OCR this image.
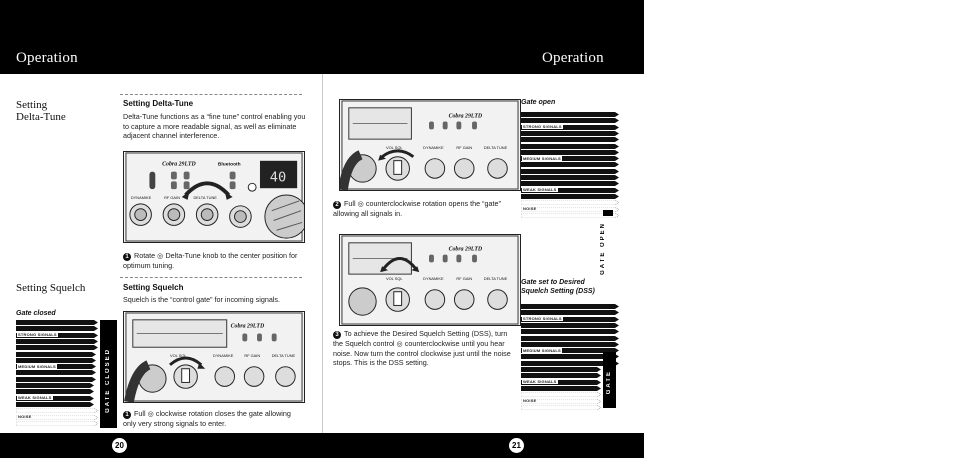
Operation	Operation
Setting
Delta-Tune
Setting Delta-Tune
Delta-Tune functions as a “fine tune” control enabling you to capture a more readable signal, as well as eliminate adjacent channel interference.
Cobra 29LTD	Bluetooth
40
DYNAMIKE	RF GAIN	DELTA TUNE
1 Rotate ◎ Delta-Tune knob to the center position for optimum tuning.
Setting Squelch	Setting Squelch
Squelch is the “control gate” for incoming signals.
Cobra 29LTD
VOL SQL	DYNAMIKE	RF GAIN	DELTA TUNE
1 Full ◎ clockwise rotation closes the gate allowing only very strong signals to enter.
Gate closed
STRONG SIGNALS
MEDIUM SIGNALS
WEAK SIGNALS
NOISE
GATE CLOSED
Cobra 29LTD
VOL SQL	DYNAMIKE	RF GAIN	DELTA TUNE
2 Full ◎ counterclockwise rotation opens the “gate” allowing all signals in.
Cobra 29LTD
VOL SQL	DYNAMIKE	RF GAIN	DELTA TUNE
3 To achieve the Desired Squelch Setting (DSS), turn the Squelch control ◎ counterclockwise until you hear noise. Now turn the control clockwise just until the noise stops. This is the DSS setting.
Gate open
STRONG SIGNALS
MEDIUM SIGNALS
WEAK SIGNALS
NOISE
GATE OPEN
Gate set to Desired Squelch Setting (DSS)
STRONG SIGNALS
MEDIUM SIGNALS
WEAK SIGNALS
NOISE
GATE
20	21
